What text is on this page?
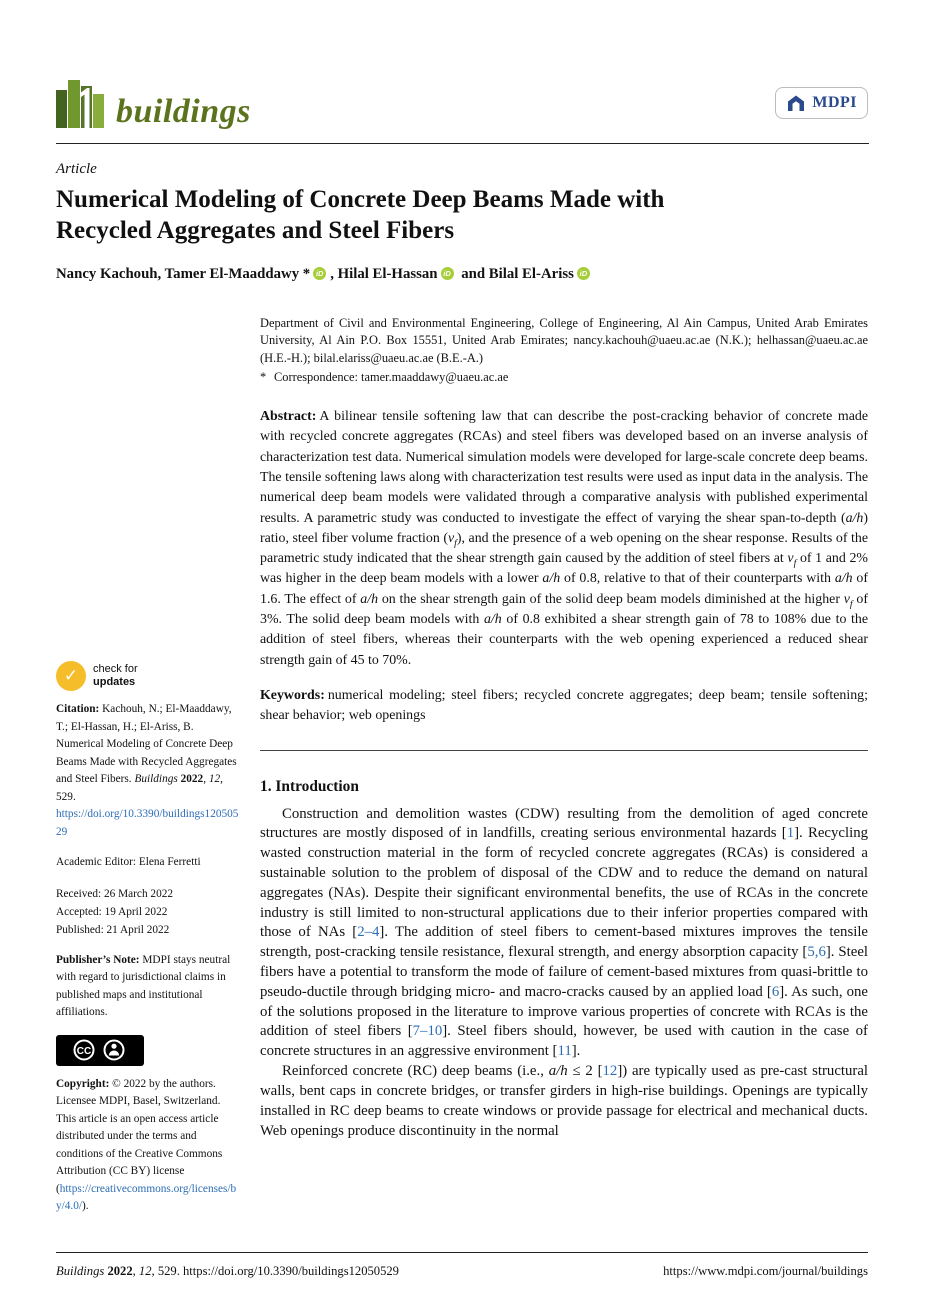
buildings	MDPI
Article
Numerical Modeling of Concrete Deep Beams Made with Recycled Aggregates and Steel Fibers
Nancy Kachouh, Tamer El-Maaddawy * iD , Hilal El-Hassan iD and Bilal El-Ariss iD

Department of Civil and Environmental Engineering, College of Engineering, Al Ain Campus, United Arab Emirates University, Al Ain P.O. Box 15551, United Arab Emirates; nancy.kachouh@uaeu.ac.ae (N.K.); helhassan@uaeu.ac.ae (H.E.-H.); bilal.elariss@uaeu.ac.ae (B.E.-A.)

* Correspondence: tamer.maaddawy@uaeu.ac.ae

Abstract: A bilinear tensile softening law that can describe the post-cracking behavior of concrete made with recycled concrete aggregates (RCAs) and steel fibers was developed based on an inverse analysis of characterization test data. Numerical simulation models were developed for large-scale concrete deep beams. The tensile softening laws along with characterization test results were used as input data in the analysis. The numerical deep beam models were validated through a comparative analysis with published experimental results. A parametric study was conducted to investigate the effect of varying the shear span-to-depth (a/h) ratio, steel fiber volume fraction $(v_f)$, and the presence of a web opening on the shear response. Results of the parametric study indicated that the shear strength gain caused by the addition of steel fibers at $v_f$ of 1 and 2% was higher in the deep beam models with a lower a/h of 0.8, relative to that of their counterparts with a/h of 1.6. The effect of a/h on the shear strength gain of the solid deep beam models diminished at the higher $v_f$ of 3%. The solid deep beam models with a/h of 0.8 exhibited a shear strength gain of 78 to 108% due to the addition of steel fibers, whereas their counterparts with the web opening experienced a reduced shear strength gain of 45 to 70%.

Keywords: numerical modeling; steel fibers; recycled concrete aggregates; deep beam; tensile softening; shear behavior; web openings

1. Introduction

Construction and demolition wastes (CDW) resulting from the demolition of aged concrete structures are mostly disposed of in landfills, creating serious environmental hazards [1]. Recycling wasted construction material in the form of recycled concrete aggregates (RCAs) is considered a sustainable solution to the problem of disposal of the CDW and to reduce the demand on natural aggregates (NAs). Despite their significant environmental benefits, the use of RCAs in the concrete industry is still limited to non-structural applications due to their inferior properties compared with those of NAs [2–4]. The addition of steel fibers to cement-based mixtures improves the tensile strength, post-cracking tensile resistance, flexural strength, and energy absorption capacity [5,6]. Steel fibers have a potential to transform the mode of failure of cement-based mixtures from quasi-brittle to pseudo-ductile through bridging micro- and macro-cracks caused by an applied load [6]. As such, one of the solutions proposed in the literature to improve various properties of concrete with RCAs is the addition of steel fibers [7–10]. Steel fibers should, however, be used with caution in the case of concrete structures in an aggressive environment [11].

Reinforced concrete (RC) deep beams (i.e., a/h ≤ 2 [12]) are typically used as pre-cast structural walls, bent caps in concrete bridges, or transfer girders in high-rise buildings. Openings are typically installed in RC deep beams to create windows or provide passage for electrical and mechanical ducts. Web openings produce discontinuity in the normal

✓	check for
updates

Citation: Kachouh, N.; El-Maaddawy, T.; El-Hassan, H.; El-Ariss, B. Numerical Modeling of Concrete Deep Beams Made with Recycled Aggregates and Steel Fibers. Buildings 2022, 12, 529. https://doi.org/10.3390/buildings12050529

Academic Editor: Elena Ferretti

Received: 26 March 2022
Accepted: 19 April 2022
Published: 21 April 2022

Publisher’s Note: MDPI stays neutral with regard to jurisdictional claims in published maps and institutional affiliations.

CC

Copyright: © 2022 by the authors. Licensee MDPI, Basel, Switzerland. This article is an open access article distributed under the terms and conditions of the Creative Commons Attribution (CC BY) license (https://creativecommons.org/licenses/by/4.0/).

Buildings 2022, 12, 529. https://doi.org/10.3390/buildings12050529	https://www.mdpi.com/journal/buildings
